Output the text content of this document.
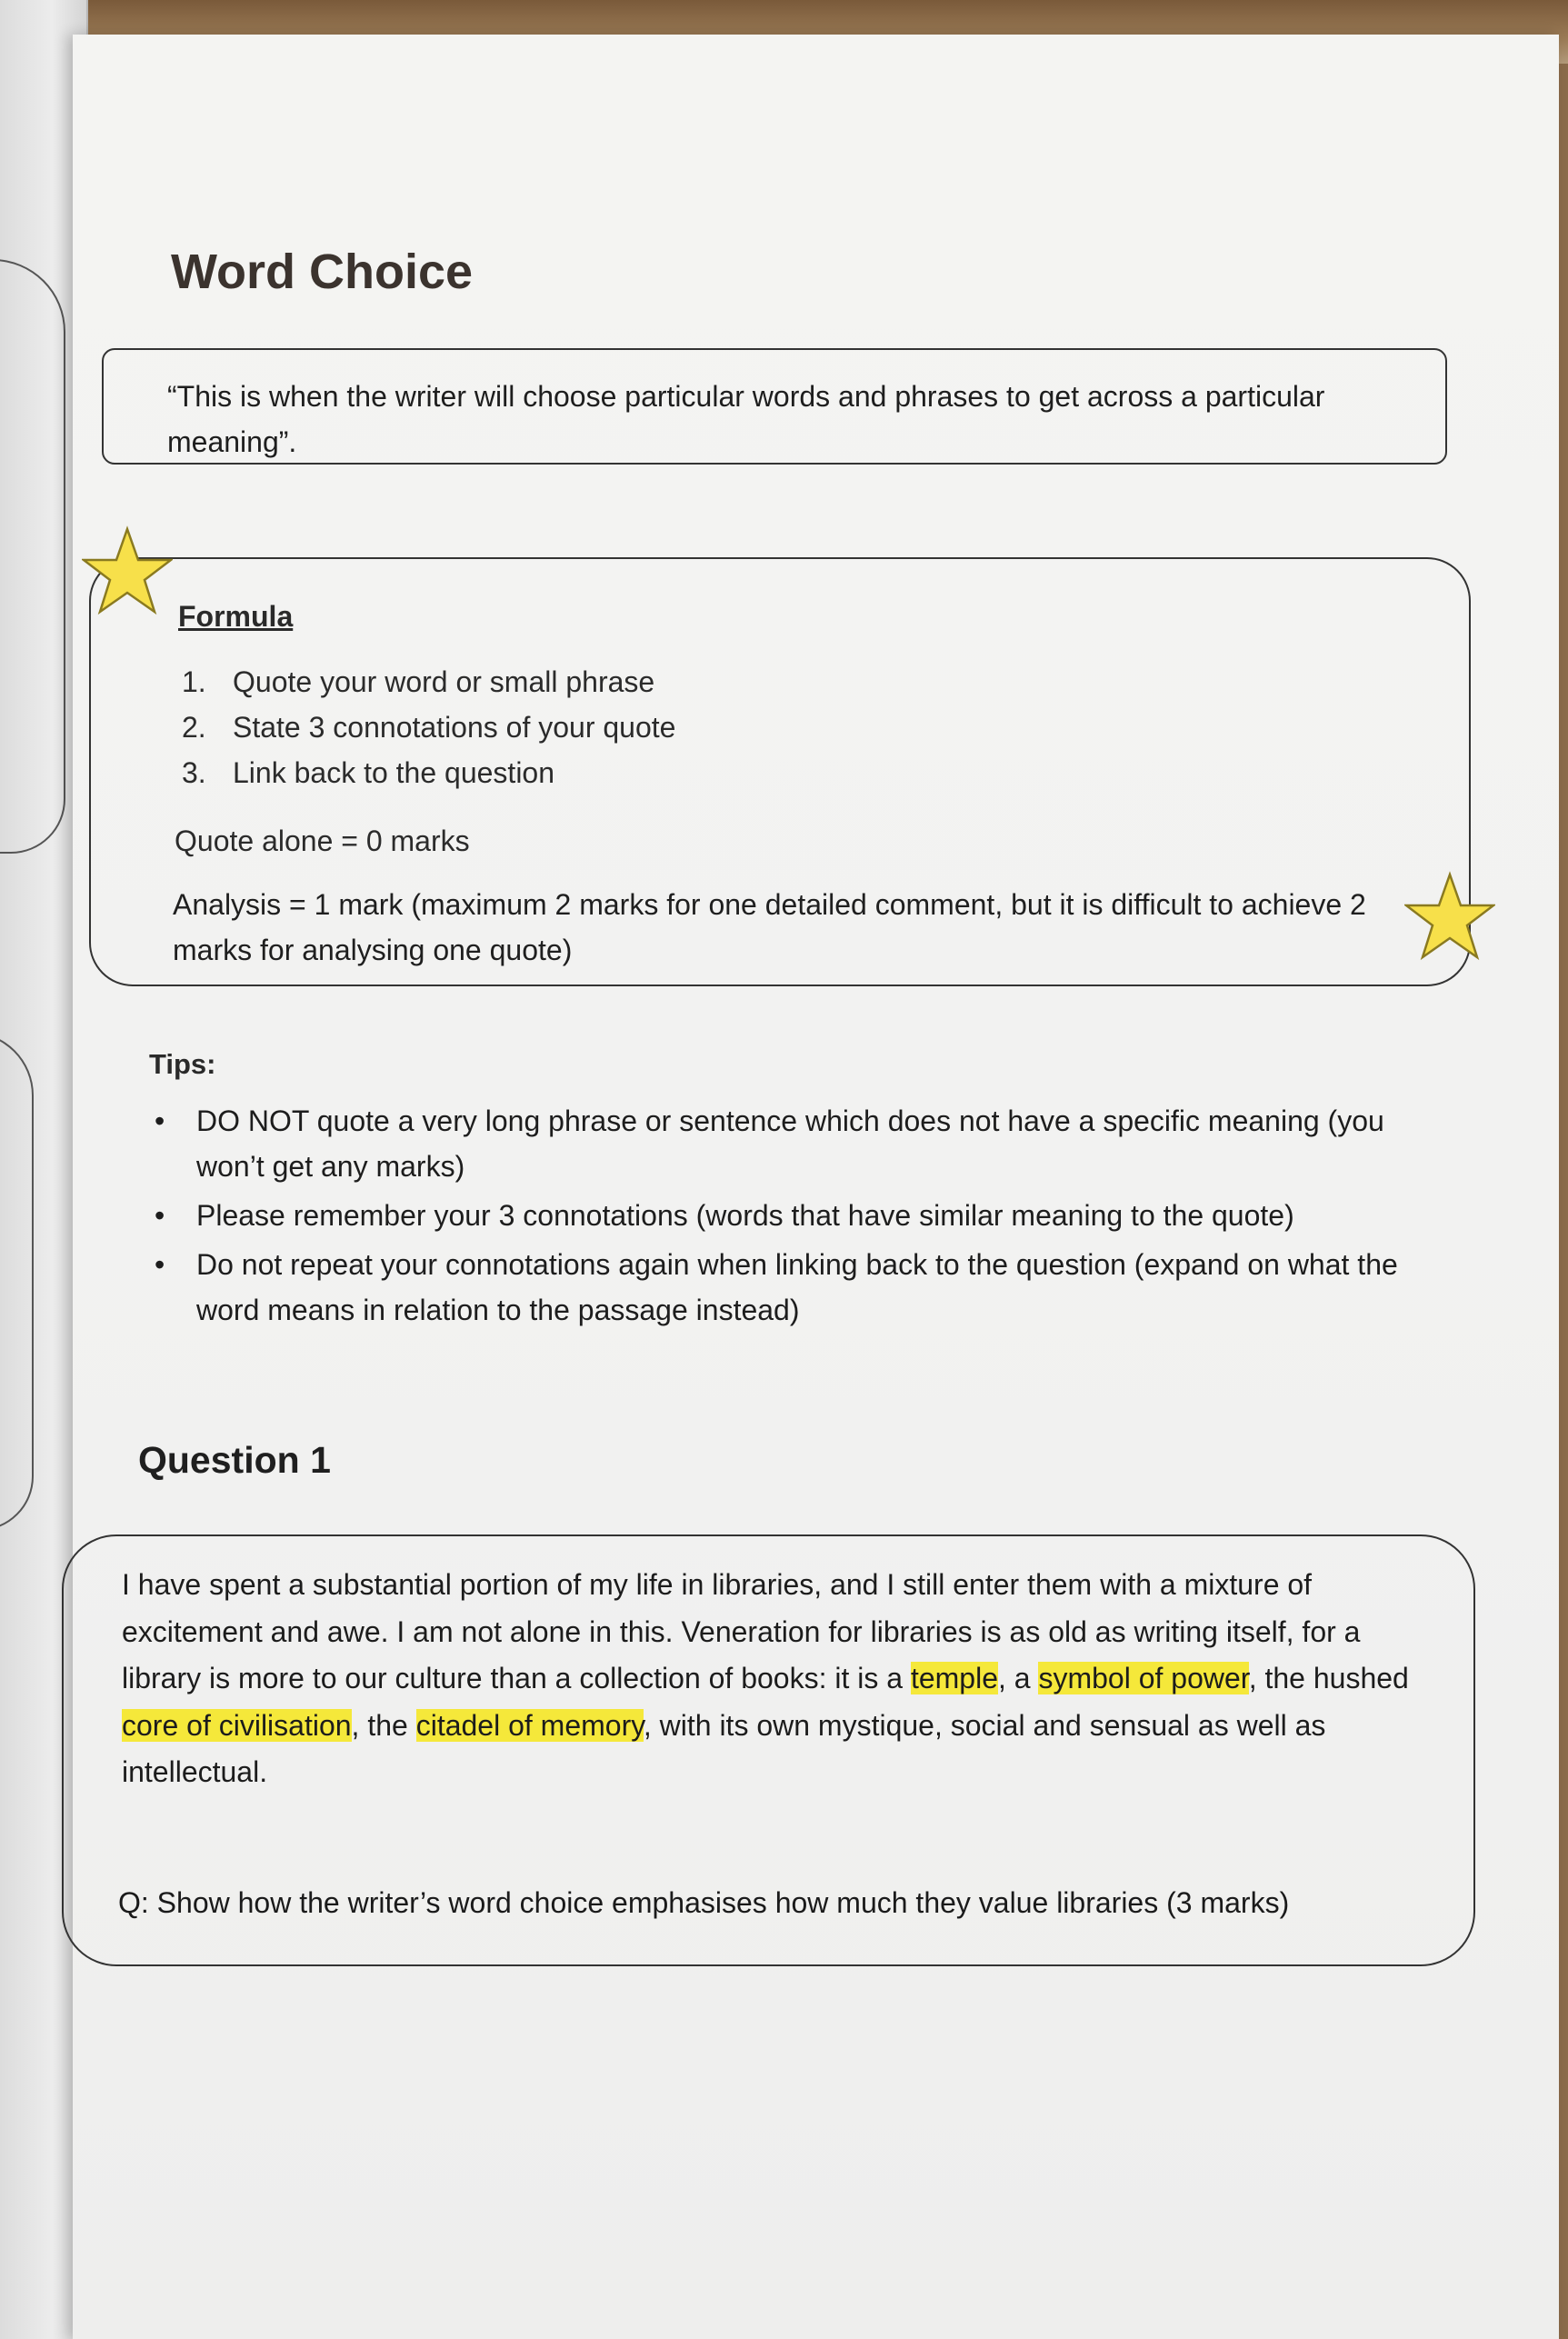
Word Choice
“This is when the writer will choose particular words and phrases to get across a particular meaning”.
Formula
1. Quote your word or small phrase
2. State 3 connotations of your quote
3. Link back to the question
Quote alone = 0 marks
Analysis = 1 mark (maximum 2 marks for one detailed comment, but it is difficult to achieve 2 marks for analysing one quote)
Tips:
• DO NOT quote a very long phrase or sentence which does not have a specific meaning (you won’t get any marks)
• Please remember your 3 connotations (words that have similar meaning to the quote)
• Do not repeat your connotations again when linking back to the question (expand on what the word means in relation to the passage instead)
Question 1
I have spent a substantial portion of my life in libraries, and I still enter them with a mixture of excitement and awe. I am not alone in this. Veneration for libraries is as old as writing itself, for a library is more to our culture than a collection of books: it is a temple, a symbol of power, the hushed core of civilisation, the citadel of memory, with its own mystique, social and sensual as well as intellectual.
Q: Show how the writer’s word choice emphasises how much they value libraries (3 marks)
